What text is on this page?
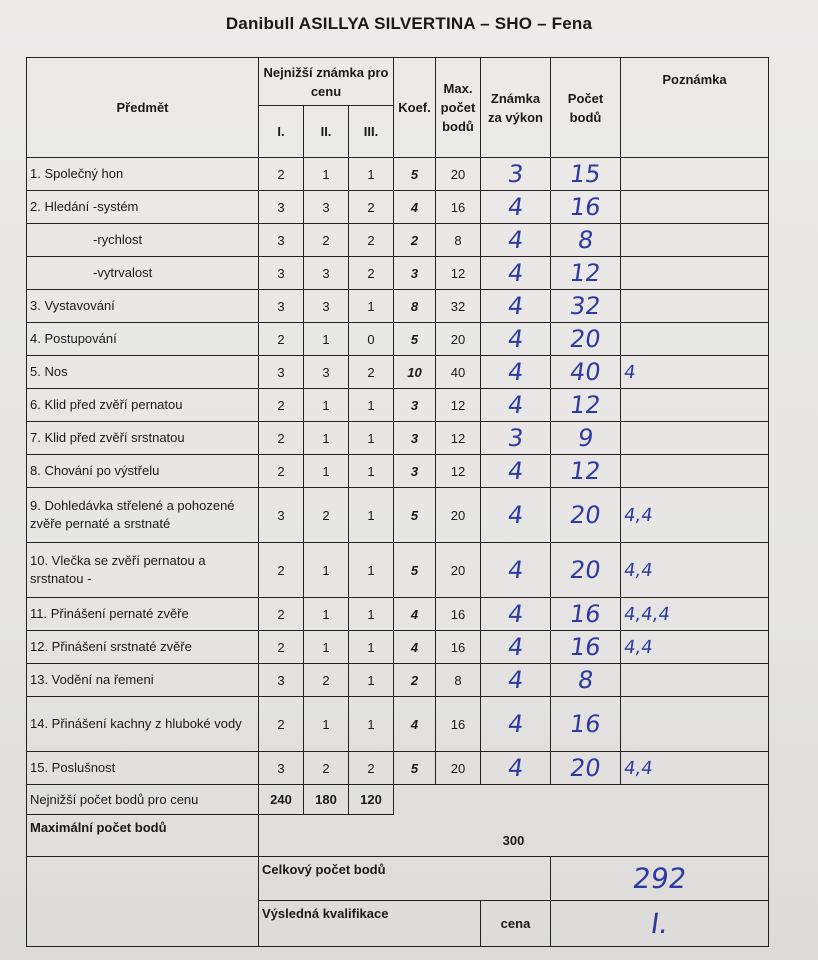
Danibull ASILLYA SILVERTINA – SHO – Fena
Předmět	Nejnižší známka pro cenu			Koef.	Max. počet bodů	Známka za výkon	Počet bodů	Poznámka
	I.	II.	III.					
1. Společný hon	2	1	1	5	20	3	15	
2. Hledání -systém	3	3	2	4	16	4	16	
-rychlost	3	2	2	2	8	4	8	
-vytrvalost	3	3	2	3	12	4	12	
3. Vystavování	3	3	1	8	32	4	32	
4. Postupování	2	1	0	5	20	4	20	
5. Nos	3	3	2	10	40	4	40	4
6. Klid před zvěří pernatou	2	1	1	3	12	4	12	
7. Klid před zvěří srstnatou	2	1	1	3	12	3	9	
8. Chování po výstřelu	2	1	1	3	12	4	12	
9. Dohledávka střelené a pohozené zvěře pernaté a srstnaté	3	2	1	5	20	4	20	4,4
10. Vlečka se zvěří pernatou a srstnatou -	2	1	1	5	20	4	20	4,4
11. Přinášení pernaté zvěře	2	1	1	4	16	4	16	4,4,4
12. Přinášení srstnaté zvěře	2	1	1	4	16	4	16	4,4
13. Vodění na řemeni	3	2	1	2	8	4	8	
14. Přinášení kachny z hluboké vody	2	1	1	4	16	4	16	
15. Poslušnost	3	2	2	5	20	4	20	4,4
Nejnižší počet bodů pro cenu	240	180	120					
Maximální počet bodů	300							
	Celkový počet bodů						292	
	Výsledná kvalifikace					cena	I.	
